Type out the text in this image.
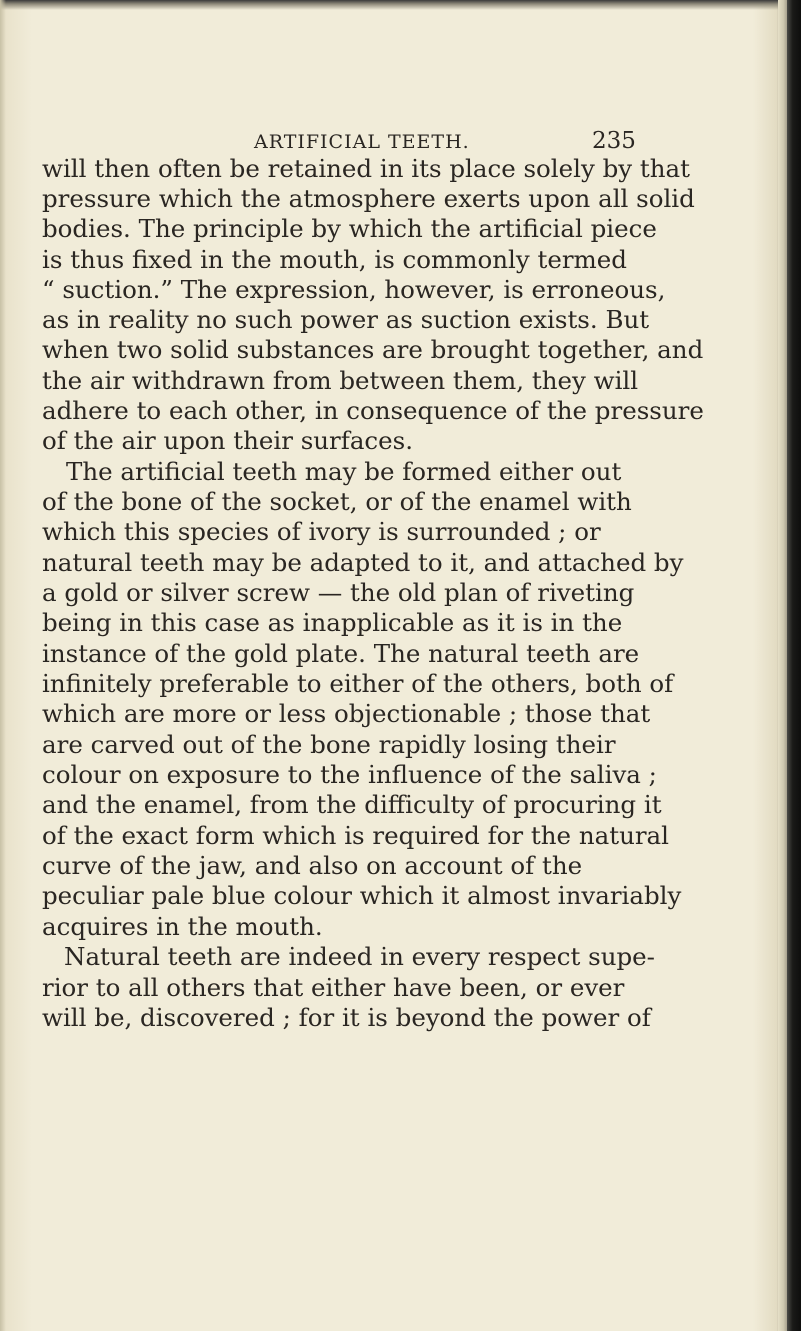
ARTIFICIAL TEETH.	235
will then often be retained in its place solely by that
pressure which the atmosphere exerts upon all solid
bodies. The principle by which the artificial piece
is thus fixed in the mouth, is commonly termed
“ suction.” The expression, however, is erroneous,
as in reality no such power as suction exists. But
when two solid substances are brought together, and
the air withdrawn from between them, they will
adhere to each other, in consequence of the pressure
of the air upon their surfaces.
The artificial teeth may be formed either out
of the bone of the socket, or of the enamel with
which this species of ivory is surrounded ; or
natural teeth may be adapted to it, and attached by
a gold or silver screw — the old plan of riveting
being in this case as inapplicable as it is in the
instance of the gold plate. The natural teeth are
infinitely preferable to either of the others, both of
which are more or less objectionable ; those that
are carved out of the bone rapidly losing their
colour on exposure to the influence of the saliva ;
and the enamel, from the difficulty of procuring it
of the exact form which is required for the natural
curve of the jaw, and also on account of the
peculiar pale blue colour which it almost invariably
acquires in the mouth.
Natural teeth are indeed in every respect supe-
rior to all others that either have been, or ever
will be, discovered ; for it is beyond the power of
